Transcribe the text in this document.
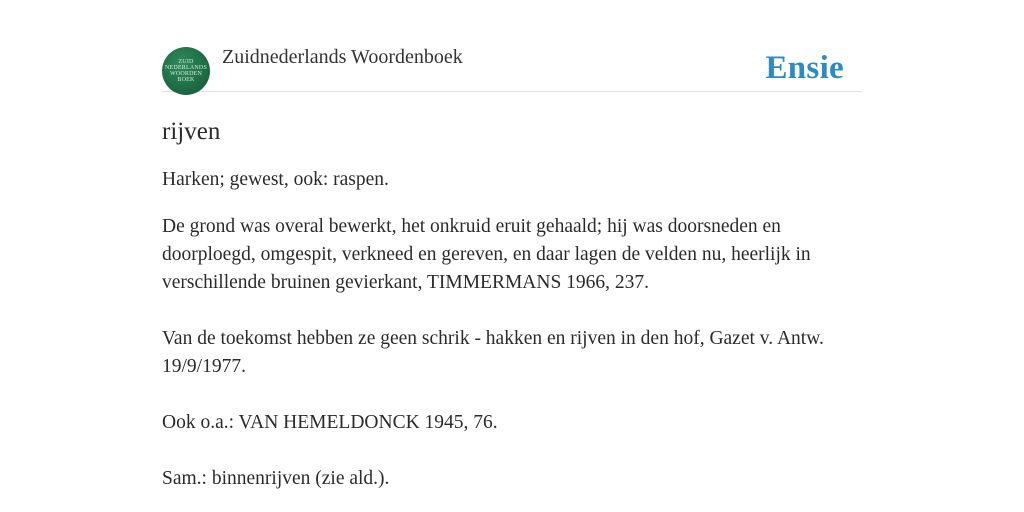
ZUID
NEDERLANDS
WOORDEN
BOEK
Zuidnederlands Woordenboek	Ensie
rijven
Harken; gewest, ook: raspen.
De grond was overal bewerkt, het onkruid eruit gehaald; hij was doorsneden en doorploegd, omgespit, verkneed en gereven, en daar lagen de velden nu, heerlijk in verschillende bruinen gevierkant, TIMMERMANS 1966, 237.
Van de toekomst hebben ze geen schrik - hakken en rijven in den hof, Gazet v. Antw. 19/9/1977.
Ook o.a.: VAN HEMELDONCK 1945, 76.
Sam.: binnenrijven (zie ald.).
